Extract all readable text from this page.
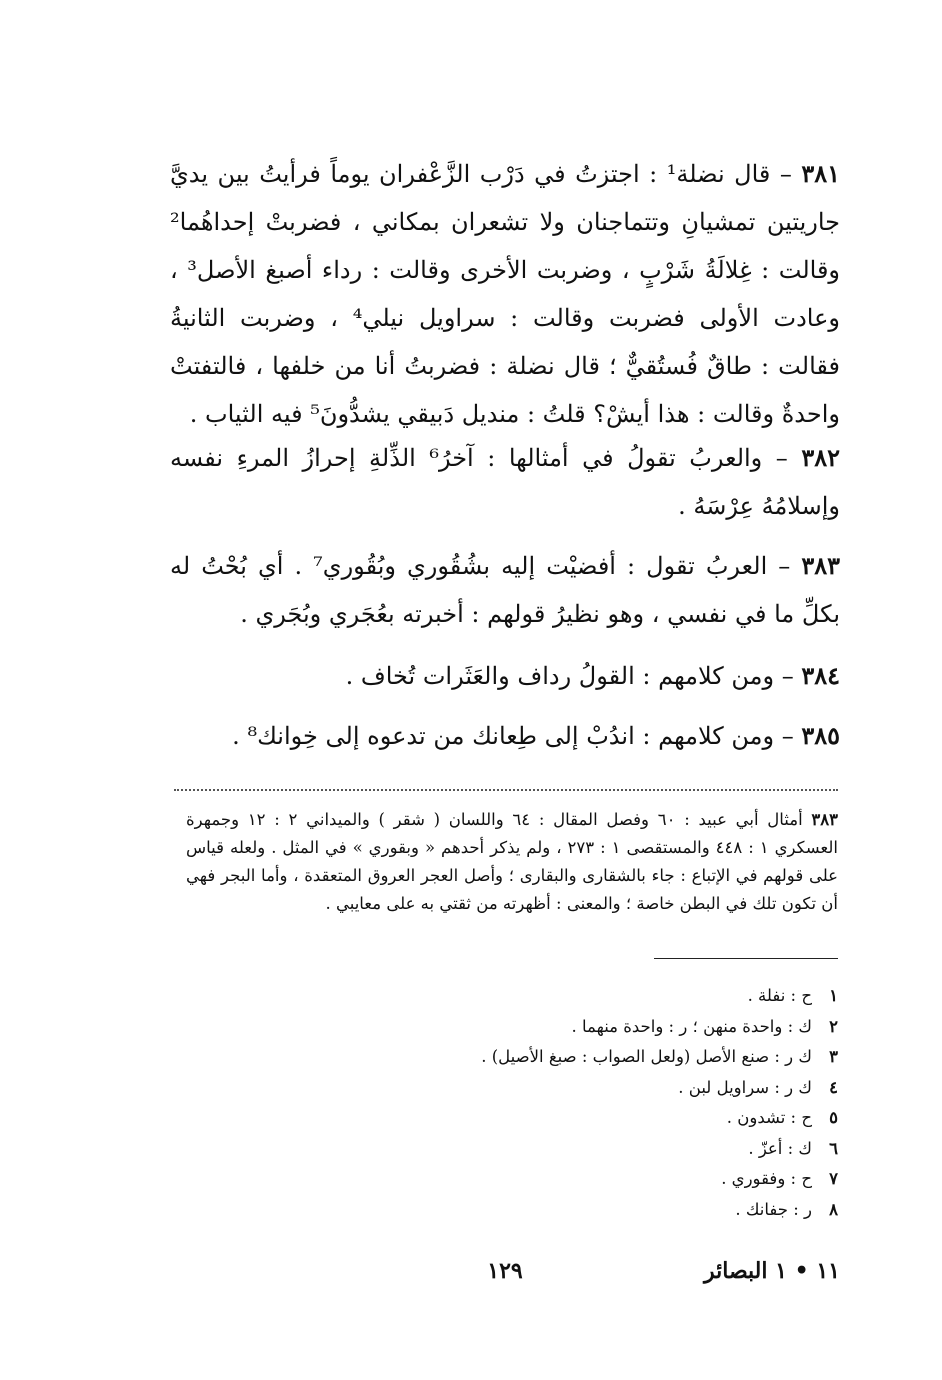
٣٨١ – قال نضلة¹ : اجتزتُ في دَرْب الزَّعْفران يوماً فرأيتُ بين يديَّ جاريتين تمشيانِ وتتماجنان ولا تشعران بمكاني ، فضربتْ إحداهُما² وقالت : غِلالَةُ شَرْبٍ ، وضربت الأخرى وقالت : رداء أصبغ الأصل³ ، وعادت الأولى فضربت وقالت : سراويل نيلي⁴ ، وضربت الثانيةُ فقالت : طاقٌ فُستُقيٌّ ؛ قال نضلة : فضربتُ أنا من خلفها ، فالتفتتْ واحدةٌ وقالت : هذا أيشْ؟ قلتُ : منديل دَبيقي يشدُّونَ⁵ فيه الثياب .

٣٨٢ – والعربُ تقولُ في أمثالها : آخرُ⁶ الذِّلةِ إحرازُ المرءِ نفسه وإسلامُهُ عِرْسَهُ .

٣٨٣ – العربُ تقول : أفضيْت إليه بشُقُوري وبُقُوري⁷ . أي بُحْتُ له بكلِّ ما في نفسي ، وهو نظيرُ قولهم : أخبرته بعُجَري وبُجَري .

٣٨٤ – ومن كلامهم : القولُ رداف والعَثَرات تُخاف .

٣٨٥ – ومن كلامهم : اندُبْ إلى طِعانك من تدعوه إلى خِوانك⁸ .

٣٨٣ أمثال أبي عبيد : ٦٠ وفصل المقال : ٦٤ واللسان ( شقر ) والميداني ٢ : ١٢ وجمهرة العسكري ١ : ٤٤٨ والمستقصى ١ : ٢٧٣ ، ولم يذكر أحدهم « وبقوري » في المثل . ولعله قياس على قولهم في الإتباع : جاء بالشقارى والبقارى ؛ وأصل العجر العروق المتعقدة ، وأما البجر فهي أن تكون تلك في البطن خاصة ؛ والمعنى : أظهرته من ثقتي به على معايبي .

١ح : نفلة .
٢ك : واحدة منهن ؛ ر : واحدة منهما .
٣ك ر : صنع الأصل (ولعل الصواب : صبغ الأصيل) .
٤ك ر : سراويل لبن .
٥ح : تشدون .
٦ك : أعزّ .
٧ح : وفقوري .
٨ر : جفانك .
١٢٩	١١ • ١ البصائر
